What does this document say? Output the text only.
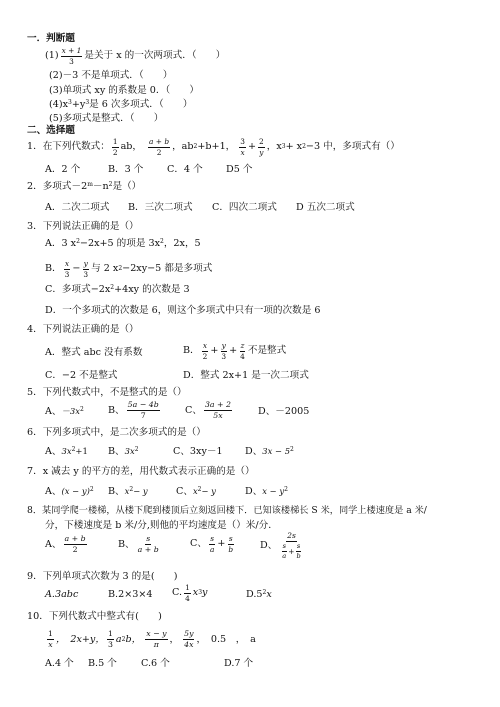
一．判断题
$(1) \frac{x + 1}{3}$ 是关于 x 的一次两项式．（　　）
(2)－3 不是单项式．（　　）
(3)单项式 xy 的系数是 0．（　　）
$(4)x^3+y^3$是 6 次多项式．（　　）
(5)多项式是整式．（　　）
二、选择题
1．在下列代数式： $\frac{1}{2}$ ab， $\frac{a + b}{2}$ ，ab 2 +b+1， $\frac{3}{x} + \frac{2}{y}$ ，x 3 + x 2 −3 中，多项式有（）
A．2 个	B．3 个 C．4 个 D5 个
2．多项式$-2^m-n^2$是（）
A．二次二项式 B．三次二项式 C．四次二项式 D 五次二项式
3．下列说法正确的是（）
A．3 $x^2-2x+5$ 的项是 $3x^2$，2x，5
B． $\frac{x}{3} - \frac{y}{3}$ 与 2 x 2 −2xy−5 都是多项式
C．多项式$-2x^2+4xy$ 的次数是 3
D．一个多项式的次数是 6，则这个多项式中只有一项的次数是 6
4．下列说法正确的是（）
A．整式 abc 没有系数	B． $\frac{x}{2} + \frac{y}{3} + \frac{z}{4}$ 不是整式
C．−2 不是整式	D．整式 2x+1 是一次二项式
5．下列代数式中，不是整式的是（）
A、$-3x^2$	B、 $\frac{5a - 4b}{7}$	C、 $\frac{3a + 2}{5x}$	D、－2005
6．下列多项式中，是二次多项式的是（）
A、$3x^2+1$ B、$3x^2$	C、3xy－1 D、$3x - 5^2$
7．x 减去 y 的平方的差，用代数式表示正确的是（）
A、$(x - y)^2$ B、$x^2- y$	C、$x^2- y$	D、$x - y^2$
8．某同学爬一楼梯，从楼下爬到楼顶后立刻返回楼下．已知该楼梯长 S 米，同学上楼速度是 a 米/
分，下楼速度是 b 米/分,则他的平均速度是（）米/分．
A、 $\frac{a + b}{2}$	B、 $\frac{s}{a + b}$	C、 $\frac{s}{a} + \frac{s}{b}$	D、 $\frac{2s}{\frac{s}{a} + \frac{s}{b}}$
9．下列单项式次数为 3 的是(　　)
A.3abc	B.2×3×4 C. $\frac{1}{4}$ x 3 y	$D.5^2x$
10．下列代数式中整式有(　　)
$\frac{1}{x}$ ，　2x+y， $\frac{1}{3}$ a 2 b， $\frac{x - y}{\pi}$ ， $\frac{5y}{4x}$ ，　0.5　，　a
A.4 个 B.5 个	C.6 个	D.7 个
